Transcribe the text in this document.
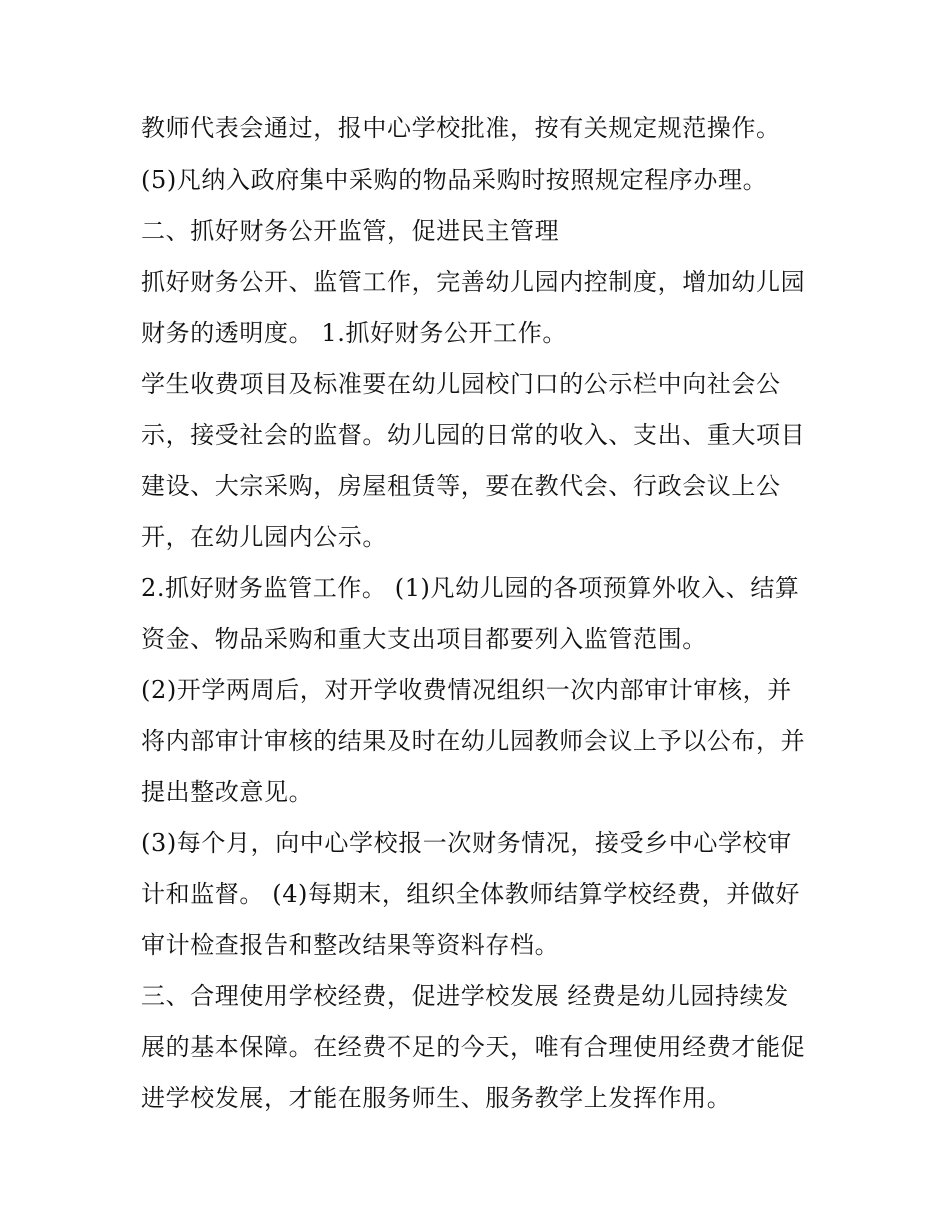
教师代表会通过，报中心学校批准，按有关规定规范操作。
(5)凡纳入政府集中采购的物品采购时按照规定程序办理。
二、抓好财务公开监管，促进民主管理
抓好财务公开、监管工作，完善幼儿园内控制度，增加幼儿园
财务的透明度。 1.抓好财务公开工作。
学生收费项目及标准要在幼儿园校门口的公示栏中向社会公
示，接受社会的监督。幼儿园的日常的收入、支出、重大项目
建设、大宗采购，房屋租赁等，要在教代会、行政会议上公
开，在幼儿园内公示。
2.抓好财务监管工作。 (1)凡幼儿园的各项预算外收入、结算
资金、物品采购和重大支出项目都要列入监管范围。
(2)开学两周后，对开学收费情况组织一次内部审计审核，并
将内部审计审核的结果及时在幼儿园教师会议上予以公布，并
提出整改意见。
(3)每个月，向中心学校报一次财务情况，接受乡中心学校审
计和监督。 (4)每期末，组织全体教师结算学校经费，并做好
审计检查报告和整改结果等资料存档。
三、合理使用学校经费，促进学校发展 经费是幼儿园持续发
展的基本保障。在经费不足的今天，唯有合理使用经费才能促
进学校发展，才能在服务师生、服务教学上发挥作用。
